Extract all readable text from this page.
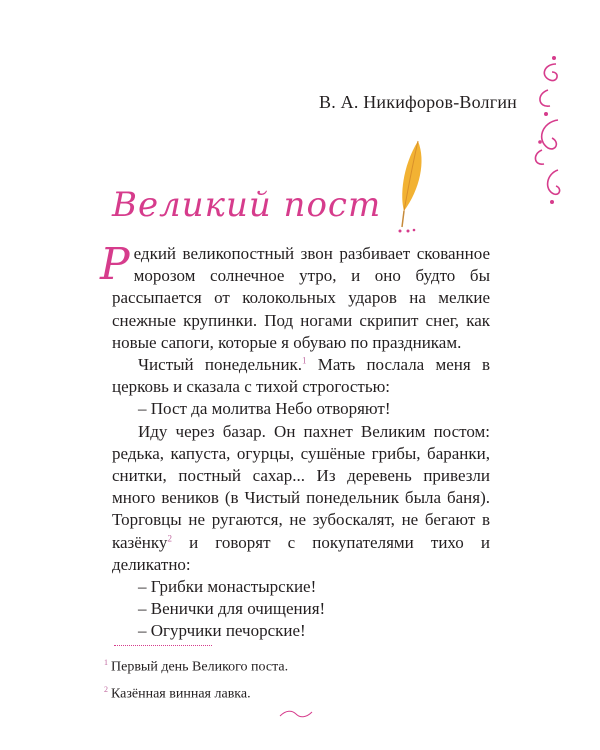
В. А. Никифоров-Волгин
Великий пост

Редкий великопостный звон разбивает скованное морозом солнечное утро, и оно будто бы рассыпается от колокольных ударов на мелкие снежные крупинки. Под ногами скрипит снег, как новые сапоги, которые я обуваю по праздникам.

Чистый понедельник.$^1$ Мать послала меня в церковь и сказала с тихой строгостью:

– Пост да молитва Небо отворяют!

Иду через базар. Он пахнет Великим постом: редька, капуста, огурцы, сушёные грибы, баранки, снитки, постный сахар... Из деревень привезли много веников (в Чистый понедельник была баня). Торговцы не ругаются, не зубоскалят, не бегают в казёнку$^2$ и говорят с покупателями тихо и деликатно:

– Грибки монастырские!

– Венички для очищения!

– Огурчики печорские!

$^1$ Первый день Великого поста.
$^2$ Казённая винная лавка.
